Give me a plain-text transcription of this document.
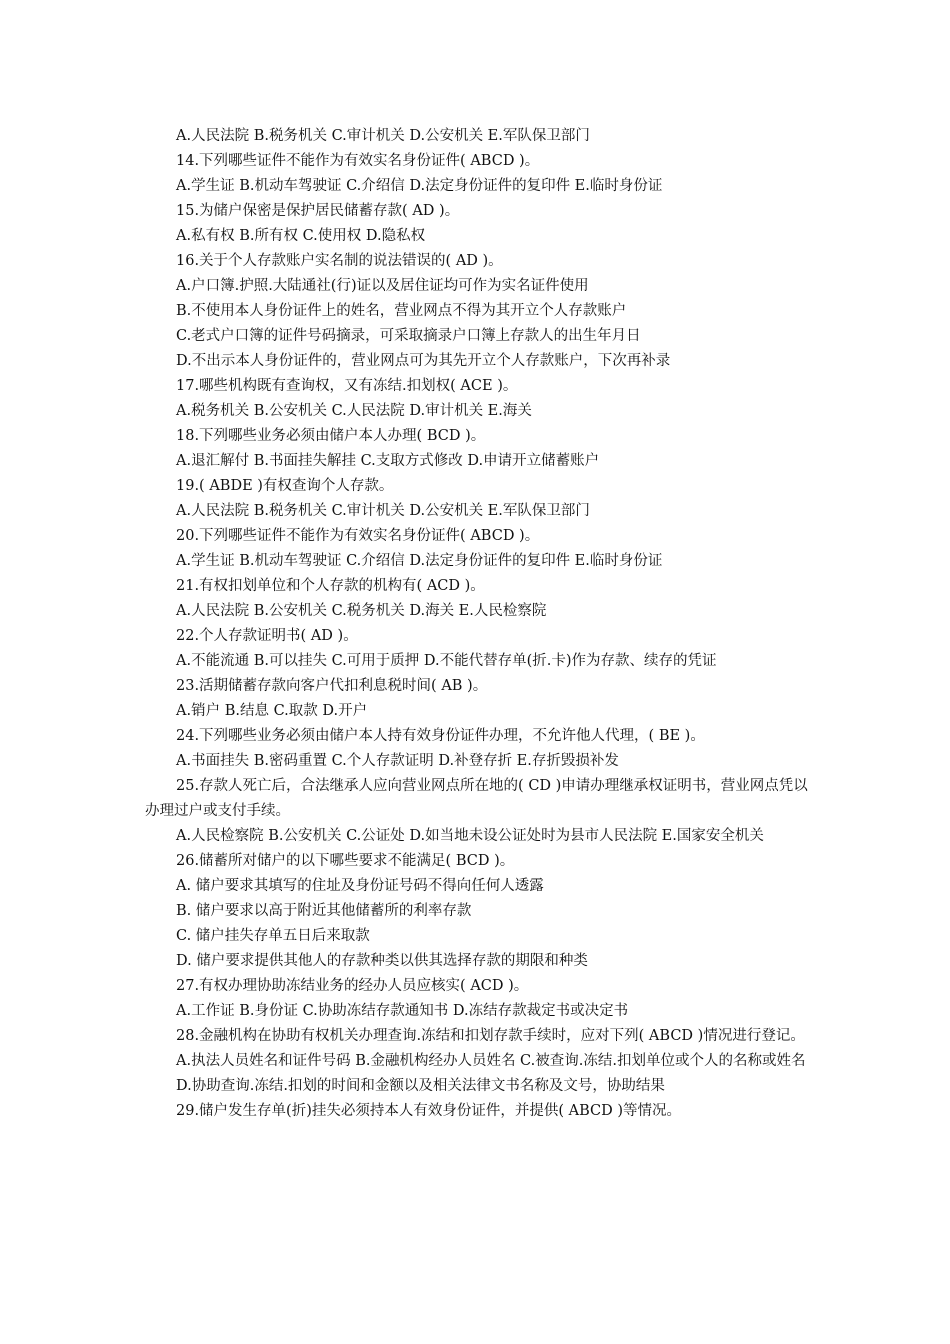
A.人民法院 B.税务机关 C.审计机关 D.公安机关 E.军队保卫部门

14.下列哪些证件不能作为有效实名身份证件( ABCD )。

A.学生证 B.机动车驾驶证 C.介绍信 D.法定身份证件的复印件 E.临时身份证

15.为储户保密是保护居民储蓄存款( AD )。

A.私有权 B.所有权 C.使用权 D.隐私权

16.关于个人存款账户实名制的说法错误的( AD )。

A.户口簿.护照.大陆通社(行)证以及居住证均可作为实名证件使用

B.不使用本人身份证件上的姓名，营业网点不得为其开立个人存款账户

C.老式户口簿的证件号码摘录，可采取摘录户口簿上存款人的出生年月日

D.不出示本人身份证件的，营业网点可为其先开立个人存款账户，下次再补录

17.哪些机构既有查询权，又有冻结.扣划权( ACE )。

A.税务机关 B.公安机关 C.人民法院 D.审计机关 E.海关

18.下列哪些业务必须由储户本人办理( BCD )。

A.退汇解付 B.书面挂失解挂 C.支取方式修改 D.申请开立储蓄账户

19.( ABDE )有权查询个人存款。

A.人民法院 B.税务机关 C.审计机关 D.公安机关 E.军队保卫部门

20.下列哪些证件不能作为有效实名身份证件( ABCD )。

A.学生证 B.机动车驾驶证 C.介绍信 D.法定身份证件的复印件 E.临时身份证

21.有权扣划单位和个人存款的机构有( ACD )。

A.人民法院 B.公安机关 C.税务机关 D.海关 E.人民检察院

22.个人存款证明书( AD )。

A.不能流通 B.可以挂失 C.可用于质押 D.不能代替存单(折.卡)作为存款、续存的凭证

23.活期储蓄存款向客户代扣利息税时间( AB )。

A.销户 B.结息 C.取款 D.开户

24.下列哪些业务必须由储户本人持有效身份证件办理，不允许他人代理，( BE )。

A.书面挂失 B.密码重置 C.个人存款证明 D.补登存折 E.存折毁损补发

25.存款人死亡后，合法继承人应向营业网点所在地的( CD )申请办理继承权证明书，营业网点凭以办理过户或支付手续。

A.人民检察院 B.公安机关 C.公证处 D.如当地未设公证处时为县市人民法院 E.国家安全机关

26.储蓄所对储户的以下哪些要求不能满足( BCD )。

A. 储户要求其填写的住址及身份证号码不得向任何人透露

B. 储户要求以高于附近其他储蓄所的利率存款

C. 储户挂失存单五日后来取款

D. 储户要求提供其他人的存款种类以供其选择存款的期限和种类

27.有权办理协助冻结业务的经办人员应核实( ACD )。

A.工作证 B.身份证 C.协助冻结存款通知书 D.冻结存款裁定书或决定书

28.金融机构在协助有权机关办理查询.冻结和扣划存款手续时，应对下列( ABCD )情况进行登记。

A.执法人员姓名和证件号码 B.金融机构经办人员姓名 C.被查询.冻结.扣划单位或个人的名称或姓名

D.协助查询.冻结.扣划的时间和金额以及相关法律文书名称及文号，协助结果

29.储户发生存单(折)挂失必须持本人有效身份证件，并提供( ABCD )等情况。
